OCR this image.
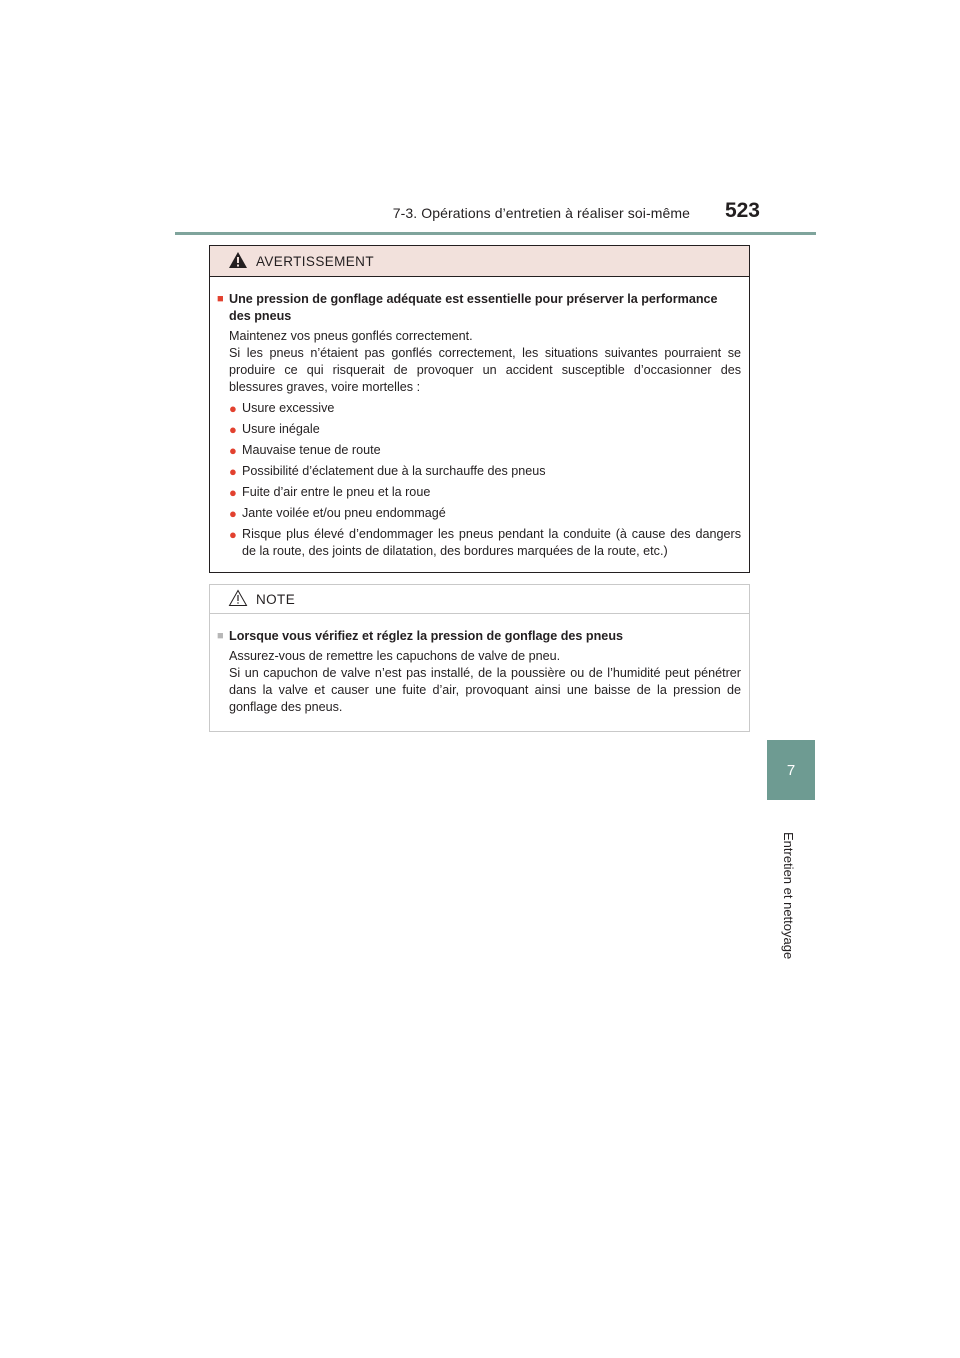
7-3. Opérations d’entretien à réaliser soi-même	523
7
Entretien et nettoyage
AVERTISSEMENT
■ Une pression de gonflage adéquate est essentielle pour préserver la performance des pneus
Maintenez vos pneus gonflés correctement.
Si les pneus n’étaient pas gonflés correctement, les situations suivantes pourraient se produire ce qui risquerait de provoquer un accident susceptible d’occasionner des blessures graves, voire mortelles :
● Usure excessive
● Usure inégale
● Mauvaise tenue de route
● Possibilité d’éclatement due à la surchauffe des pneus
● Fuite d’air entre le pneu et la roue
● Jante voilée et/ou pneu endommagé
● Risque plus élevé d’endommager les pneus pendant la conduite (à cause des dangers de la route, des joints de dilatation, des bordures marquées de la route, etc.)
NOTE
■ Lorsque vous vérifiez et réglez la pression de gonflage des pneus
Assurez-vous de remettre les capuchons de valve de pneu.
Si un capuchon de valve n’est pas installé, de la poussière ou de l’humidité peut pénétrer dans la valve et causer une fuite d’air, provoquant ainsi une baisse de la pression de gonflage des pneus.
